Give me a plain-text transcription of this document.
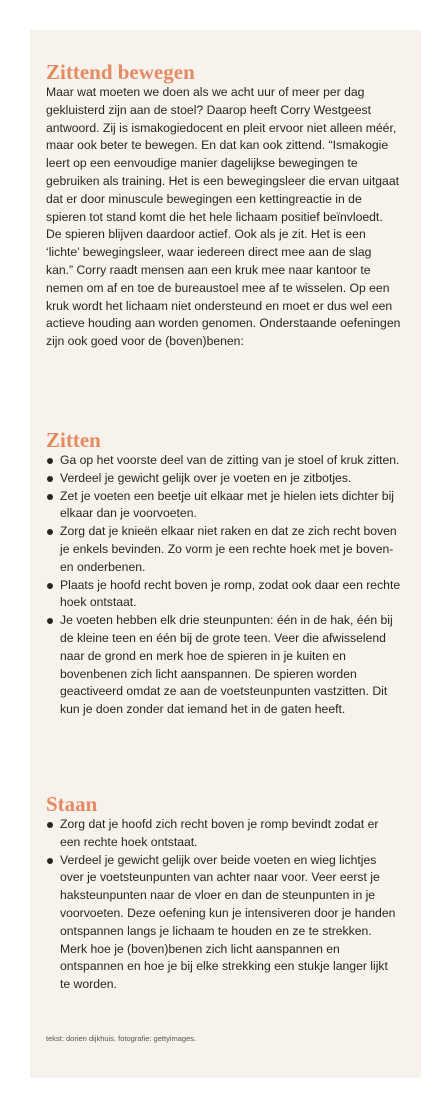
Zittend bewegen

Maar wat moeten we doen als we acht uur of meer per dag gekluisterd zijn aan de stoel? Daarop heeft Corry Westgeest antwoord. Zij is ismakogiedocent en pleit ervoor niet alleen méér, maar ook beter te bewegen. En dat kan ook zittend. “Ismakogie leert op een eenvoudige manier dagelijkse bewegingen te gebruiken als training. Het is een bewegingsleer die ervan uitgaat dat er door minuscule bewegingen een kettingreactie in de spieren tot stand komt die het hele lichaam positief beïnvloedt. De spieren blijven daardoor actief. Ook als je zit. Het is een ‘lichte’ bewegingsleer, waar iedereen direct mee aan de slag kan.” Corry raadt mensen aan een kruk mee naar kantoor te nemen om af en toe de bureaustoel mee af te wisselen. Op een kruk wordt het lichaam niet ondersteund en moet er dus wel een actieve houding aan worden genomen. Onderstaande oefeningen zijn ook goed voor de (boven)benen:

Zitten
Ga op het voorste deel van de zitting van je stoel of kruk zitten.
Verdeel je gewicht gelijk over je voeten en je zitbotjes.
Zet je voeten een beetje uit elkaar met je hielen iets dichter bij elkaar dan je voorvoeten.
Zorg dat je knieën elkaar niet raken en dat ze zich recht boven je enkels bevinden. Zo vorm je een rechte hoek met je boven- en onderbenen.
Plaats je hoofd recht boven je romp, zodat ook daar een rechte hoek ontstaat.
Je voeten hebben elk drie steunpunten: één in de hak, één bij de kleine teen en één bij de grote teen. Veer die afwisselend naar de grond en merk hoe de spieren in je kuiten en bovenbenen zich licht aanspannen. De spieren worden geactiveerd omdat ze aan de voetsteunpunten vastzitten. Dit kun je doen zonder dat iemand het in de gaten heeft.
Staan
Zorg dat je hoofd zich recht boven je romp bevindt zodat er een rechte hoek ontstaat.
Verdeel je gewicht gelijk over beide voeten en wieg lichtjes over je voetsteunpunten van achter naar voor. Veer eerst je haksteunpunten naar de vloer en dan de steunpunten in je voorvoeten. Deze oefening kun je intensiveren door je handen ontspannen langs je lichaam te houden en ze te strekken. Merk hoe je (boven)benen zich licht aanspannen en ontspannen en hoe je bij elke strekking een stukje langer lijkt te worden.
tekst: dorien dijkhuis. fotografie: gettyimages.
